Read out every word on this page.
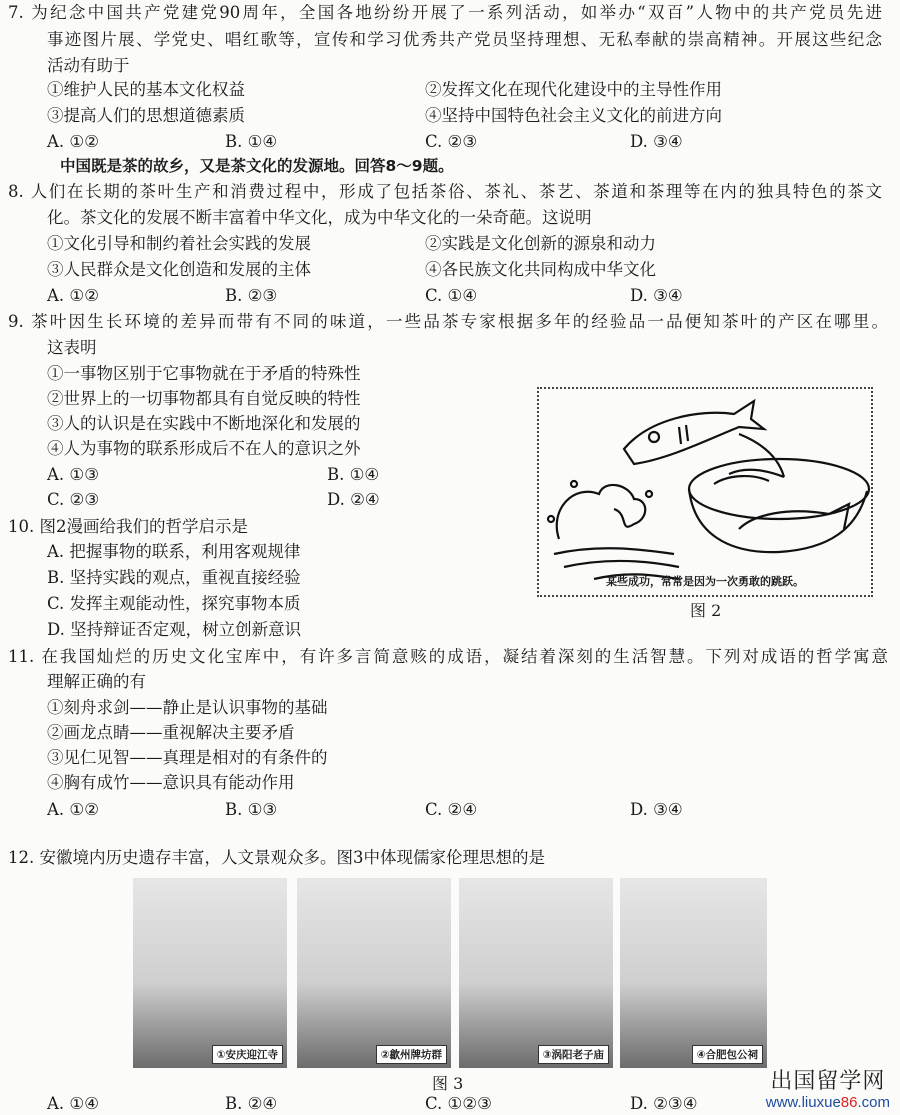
7. 为纪念中国共产党建党90周年，全国各地纷纷开展了一系列活动，如举办“双百”人物中的共产党员先进
事迹图片展、学党史、唱红歌等，宣传和学习优秀共产党员坚持理想、无私奉献的崇高精神。开展这些纪念
活动有助于
①维护人民的基本文化权益	②发挥文化在现代化建设中的主导性作用
③提高人们的思想道德素质	④坚持中国特色社会主义文化的前进方向
A. ①②	B. ①④	C. ②③	D. ③④
中国既是茶的故乡，又是茶文化的发源地。回答8～9题。
8. 人们在长期的茶叶生产和消费过程中，形成了包括茶俗、茶礼、茶艺、茶道和茶理等在内的独具特色的茶文
化。茶文化的发展不断丰富着中华文化，成为中华文化的一朵奇葩。这说明
①文化引导和制约着社会实践的发展	②实践是文化创新的源泉和动力
③人民群众是文化创造和发展的主体	④各民族文化共同构成中华文化
A. ①②	B. ②③	C. ①④	D. ③④
9. 茶叶因生长环境的差异而带有不同的味道，一些品茶专家根据多年的经验品一品便知茶叶的产区在哪里。
这表明
①一事物区别于它事物就在于矛盾的特殊性
②世界上的一切事物都具有自觉反映的特性
③人的认识是在实践中不断地深化和发展的
④人为事物的联系形成后不在人的意识之外
A. ①③	B. ①④
C. ②③	D. ②④
某些成功，常常是因为一次勇敢的跳跃。
图 2
10. 图2漫画给我们的哲学启示是
A. 把握事物的联系，利用客观规律
B. 坚持实践的观点，重视直接经验
C. 发挥主观能动性，探究事物本质
D. 坚持辩证否定观，树立创新意识
11. 在我国灿烂的历史文化宝库中，有许多言简意赅的成语，凝结着深刻的生活智慧。下列对成语的哲学寓意
理解正确的有
①刻舟求剑——静止是认识事物的基础
②画龙点睛——重视解决主要矛盾
③见仁见智——真理是相对的有条件的
④胸有成竹——意识具有能动作用
A. ①②	B. ①③	C. ②④	D. ③④
12. 安徽境内历史遗存丰富，人文景观众多。图3中体现儒家伦理思想的是
①安庆迎江寺	②歙州牌坊群	③涡阳老子庙	④合肥包公祠
图 3
A. ①④	B. ②④	C. ①②③	D. ②③④
出国留学网
www.liuxue86.com
